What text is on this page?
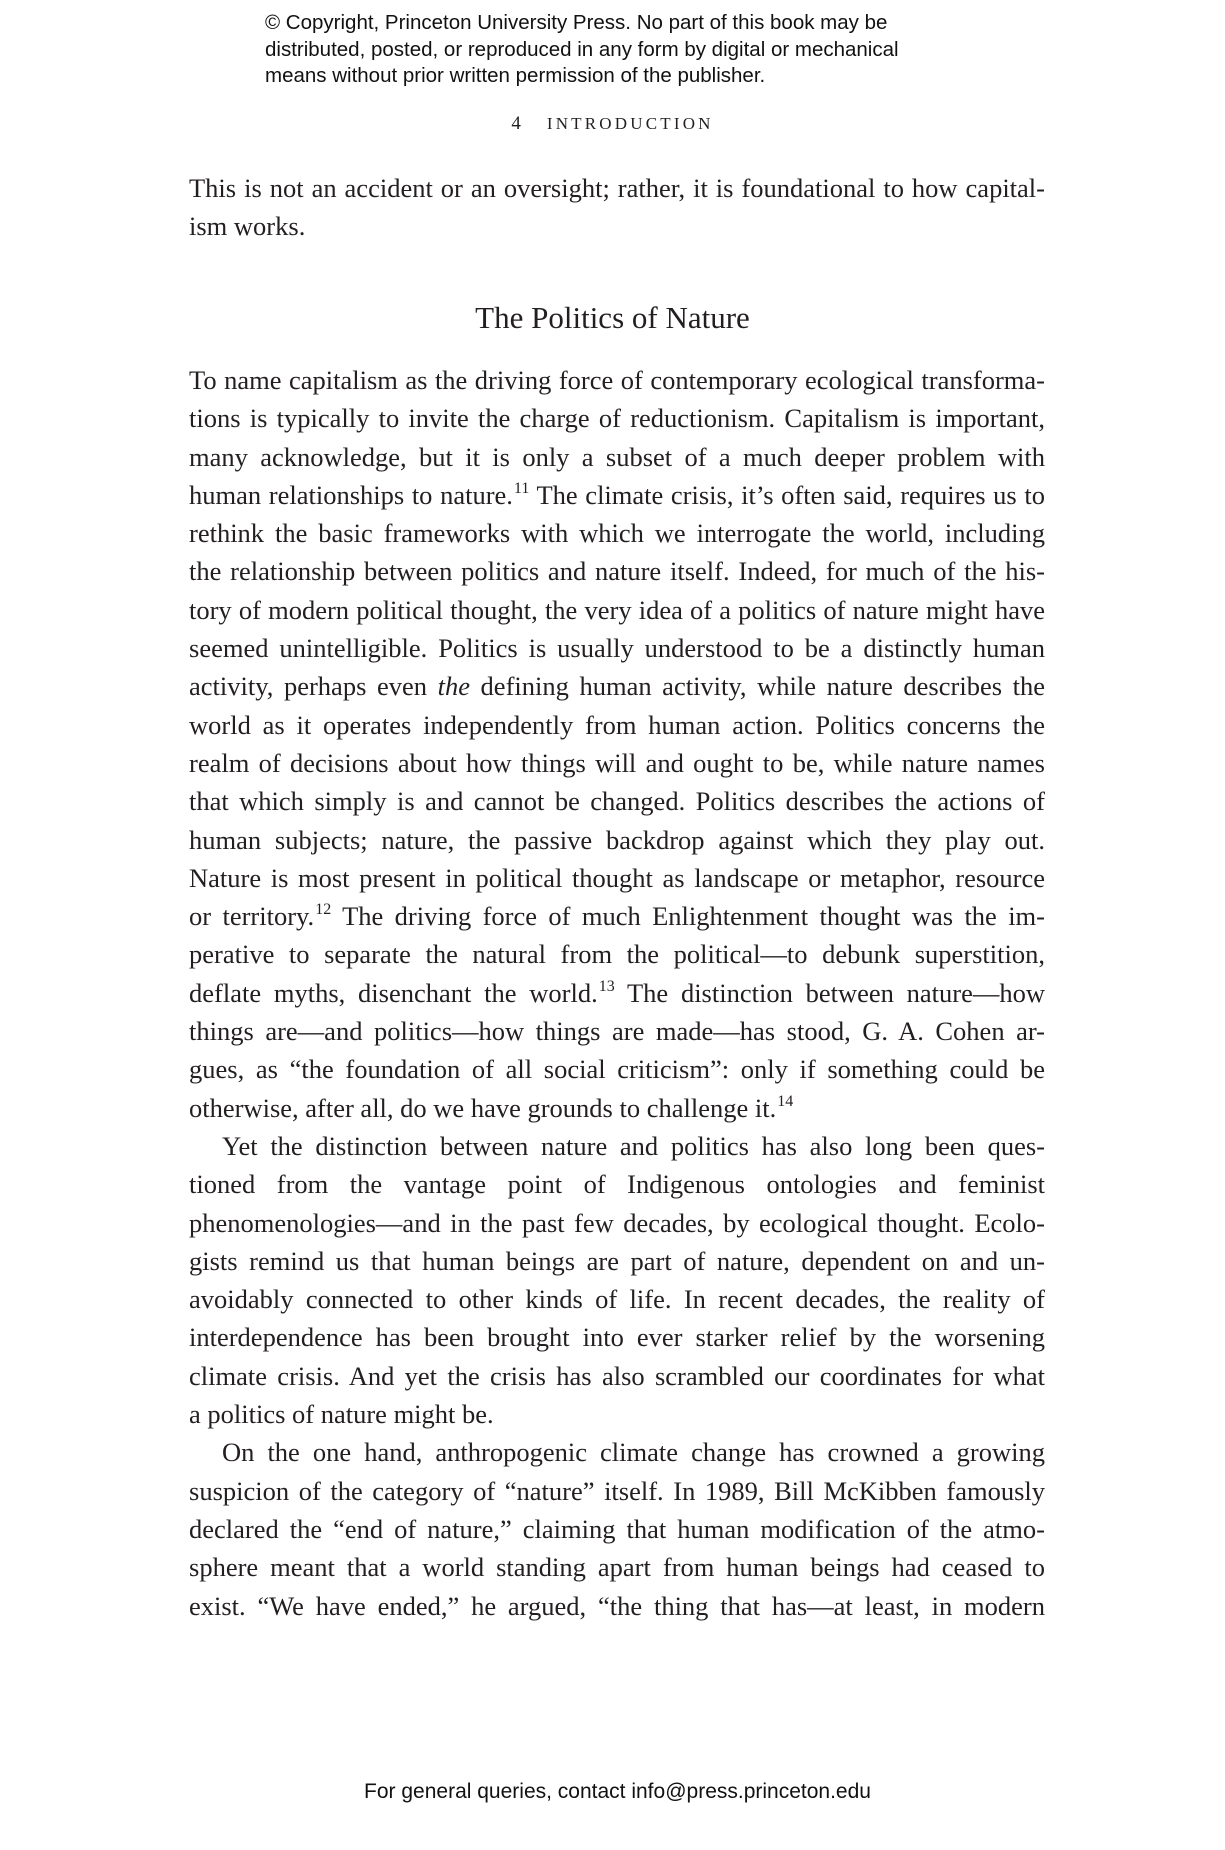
© Copyright, Princeton University Press. No part of this book may be
distributed, posted, or reproduced in any form by digital or mechanical
means without prior written permission of the publisher.
4 INTRODUCTION
This is not an accident or an oversight; rather, it is foundational to how capital-
ism works.
The Politics of Nature
To name capitalism as the driving force of contemporary ecological transforma-
tions is typically to invite the charge of reductionism. Capitalism is important,
many acknowledge, but it is only a subset of a much deeper problem with
human relationships to nature.$^{11}$ The climate crisis, it’s often said, requires us to
rethink the basic frameworks with which we interrogate the world, including
the relationship between politics and nature itself. Indeed, for much of the his-
tory of modern political thought, the very idea of a politics of nature might have
seemed unintelligible. Politics is usually understood to be a distinctly human
activity, perhaps even the defining human activity, while nature describes the
world as it operates independently from human action. Politics concerns the
realm of decisions about how things will and ought to be, while nature names
that which simply is and cannot be changed. Politics describes the actions of
human subjects; nature, the passive backdrop against which they play out.
Nature is most present in political thought as landscape or metaphor, resource
or territory.$^{12}$ The driving force of much Enlightenment thought was the im-
perative to separate the natural from the political—to debunk superstition,
deflate myths, disenchant the world.$^{13}$ The distinction between nature—how
things are—and politics—how things are made—has stood, G. A. Cohen ar-
gues, as “the foundation of all social criticism”: only if something could be
otherwise, after all, do we have grounds to challenge it.$^{14}$
Yet the distinction between nature and politics has also long been ques-
tioned from the vantage point of Indigenous ontologies and feminist
phenomenologies—and in the past few decades, by ecological thought. Ecolo-
gists remind us that human beings are part of nature, dependent on and un-
avoidably connected to other kinds of life. In recent decades, the reality of
interdependence has been brought into ever starker relief by the worsening
climate crisis. And yet the crisis has also scrambled our coordinates for what
a politics of nature might be.
On the one hand, anthropogenic climate change has crowned a growing
suspicion of the category of “nature” itself. In 1989, Bill McKibben famously
declared the “end of nature,” claiming that human modification of the atmo-
sphere meant that a world standing apart from human beings had ceased to
exist. “We have ended,” he argued, “the thing that has—at least, in modern
For general queries, contact info@press.princeton.edu
